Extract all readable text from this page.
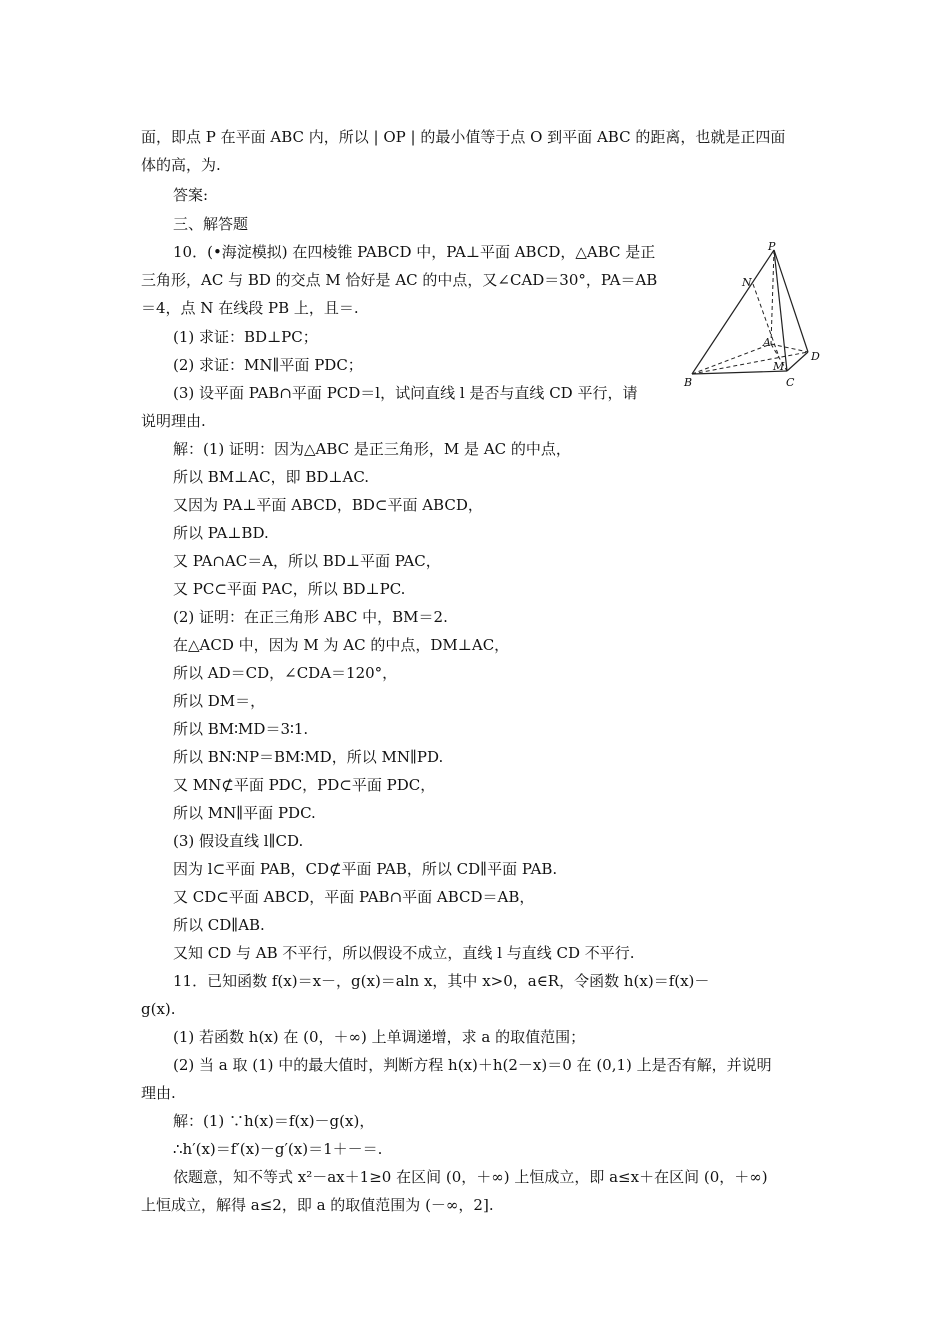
面，即点 P 在平面 ABC 内，所以 | OP | 的最小值等于点 O 到平面 ABC 的距离，也就是正四面
体的高，为.
答案:
三、解答题
10．(•海淀模拟) 在四棱锥 PABCD 中，PA⊥平面 ABCD，△ABC 是正
三角形，AC 与 BD 的交点 M 恰好是 AC 的中点，又∠CAD＝30°，PA＝AB
＝4，点 N 在线段 PB 上，且＝.
(1) 求证：BD⊥PC；
(2) 求证：MN∥平面 PDC；
(3) 设平面 PAB∩平面 PCD＝l，试问直线 l 是否与直线 CD 平行，请
说明理由.
解：(1) 证明：因为△ABC 是正三角形，M 是 AC 的中点，
所以 BM⊥AC，即 BD⊥AC.
又因为 PA⊥平面 ABCD，BD⊂平面 ABCD，
所以 PA⊥BD.
又 PA∩AC＝A，所以 BD⊥平面 PAC，
又 PC⊂平面 PAC，所以 BD⊥PC.
(2) 证明：在正三角形 ABC 中，BM＝2.
在△ACD 中，因为 M 为 AC 的中点，DM⊥AC，
所以 AD＝CD，∠CDA＝120°，
所以 DM＝，
所以 BM∶MD＝3∶1.
所以 BN∶NP＝BM∶MD，所以 MN∥PD.
又 MN⊄平面 PDC，PD⊂平面 PDC，
所以 MN∥平面 PDC.
(3) 假设直线 l∥CD.
因为 l⊂平面 PAB，CD⊄平面 PAB，所以 CD∥平面 PAB.
又 CD⊂平面 ABCD，平面 PAB∩平面 ABCD＝AB，
所以 CD∥AB.
又知 CD 与 AB 不平行，所以假设不成立，直线 l 与直线 CD 不平行.
11．已知函数 f(x)＝x－，g(x)＝aln x，其中 x>0，a∈R，令函数 h(x)＝f(x)－
g(x).
(1) 若函数 h(x) 在 (0，＋∞) 上单调递增，求 a 的取值范围；
(2) 当 a 取 (1) 中的最大值时，判断方程 h(x)＋h(2－x)＝0 在 (0,1) 上是否有解，并说明
理由.
解：(1) ∵h(x)＝f(x)－g(x)，
∴h′(x)＝f′(x)－g′(x)＝1＋－＝.
依题意，知不等式 x²－ax＋1≥0 在区间 (0，＋∞) 上恒成立，即 a≤x＋在区间 (0，＋∞)
上恒成立，解得 a≤2，即 a 的取值范围为 (－∞，2].
P
N
A
D
M
B	C
